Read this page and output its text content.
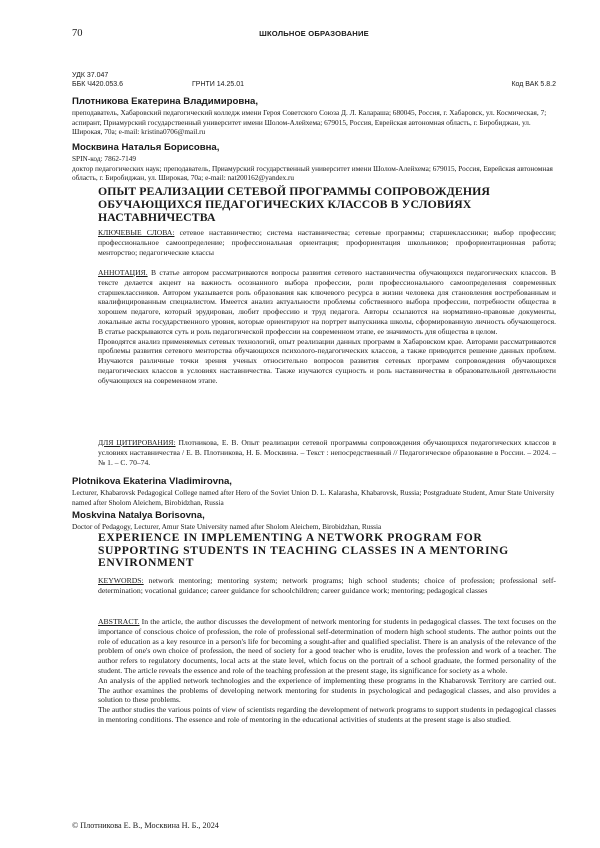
70	ШКОЛЬНОЕ ОБРАЗОВАНИЕ
УДК 37.047
ББК Ч420.053.6	ГРНТИ 14.25.01	Код ВАК 5.8.2
Плотникова Екатерина Владимировна,
преподаватель, Хабаровский педагогический колледж имени Героя Советского Союза Д. Л. Калараша; 680045, Россия, г. Хабаровск, ул. Космическая, 7; аспирант, Приамурский государственный университет имени Шолом-Алейхема; 679015, Россия, Еврейская автономная область, г. Биробиджан, ул. Широкая, 70а; e-mail: kristina0706@mail.ru
Москвина Наталья Борисовна,
SPIN-код: 7862-7149
доктор педагогических наук; преподаватель, Приамурский государственный университет имени Шолом-Алейхема; 679015, Россия, Еврейская автономная область, г. Биробиджан, ул. Широкая, 70а; e-mail: nat200162@yandex.ru
ОПЫТ РЕАЛИЗАЦИИ СЕТЕВОЙ ПРОГРАММЫ СОПРОВОЖДЕНИЯ ОБУЧАЮЩИХСЯ ПЕДАГОГИЧЕСКИХ КЛАССОВ В УСЛОВИЯХ НАСТАВНИЧЕСТВА

КЛЮЧЕВЫЕ СЛОВА: сетевое наставничество; система наставничества; сетевые программы; старшеклассники; выбор профессии; профессиональное самоопределение; профессиональная ориентация; профориентация школьников; профориентационная работа; менторство; педагогические классы

АННОТАЦИЯ. В статье автором рассматриваются вопросы развития сетевого наставничества обучающихся педагогических классов. В тексте делается акцент на важность осознанного выбора профессии, роли профессионального самоопределения современных старшеклассников. Автором указывается роль образования как ключевого ресурса в жизни человека для становления востребованным и квалифицированным специалистом. Имеется анализ актуальности проблемы собственного выбора профессии, потребности общества в хорошем педагоге, который эрудирован, любит профессию и труд педагога. Авторы ссылаются на нормативно-правовые документы, локальные акты государственного уровня, которые ориентируют на портрет выпускника школы, сформированную личность обучающегося. В статье раскрываются суть и роль педагогической профессии на современном этапе, ее значимость для общества в целом.

Проводятся анализ применяемых сетевых технологий, опыт реализации данных программ в Хабаровском крае. Авторами рассматриваются проблемы развития сетевого менторства обучающихся психолого-педагогических классов, а также приводится решение данных проблем. Изучаются различные точки зрения ученых относительно вопросов развития сетевых программ сопровождения обучающихся педагогических классов в условиях наставничества. Также изучаются сущность и роль наставничества в образовательной деятельности обучающихся на современном этапе.

ДЛЯ ЦИТИРОВАНИЯ: Плотникова, Е. В. Опыт реализации сетевой программы сопровождения обучающихся педагогических классов в условиях наставничества / Е. В. Плотникова, Н. Б. Москвина. – Текст : непосредственный // Педагогическое образование в России. – 2024. – № 1. – С. 70–74.

Plotnikova Ekaterina Vladimirovna,
Lecturer, Khabarovsk Pedagogical College named after Hero of the Soviet Union D. L. Kalarasha, Khabarovsk, Russia; Postgraduate Student, Amur State University named after Sholom Aleichem, Birobidzhan, Russia
Moskvina Natalya Borisovna,
Doctor of Pedagogy, Lecturer, Amur State University named after Sholom Aleichem, Birobidzhan, Russia
EXPERIENCE IN IMPLEMENTING A NETWORK PROGRAM FOR SUPPORTING STUDENTS IN TEACHING CLASSES IN A MENTORING ENVIRONMENT

KEYWORDS: network mentoring; mentoring system; network programs; high school students; choice of profession; professional self-determination; vocational guidance; career guidance for schoolchildren; career guidance work; mentoring; pedagogical classes

ABSTRACT. In the article, the author discusses the development of network mentoring for students in pedagogical classes. The text focuses on the importance of conscious choice of profession, the role of professional self-determination of modern high school students. The author points out the role of education as a key resource in a person's life for becoming a sought-after and qualified specialist. There is an analysis of the relevance of the problem of one's own choice of profession, the need of society for a good teacher who is erudite, loves the profession and work of a teacher. The author refers to regulatory documents, local acts at the state level, which focus on the portrait of a school graduate, the formed personality of the student. The article reveals the essence and role of the teaching profession at the present stage, its significance for society as a whole.

An analysis of the applied network technologies and the experience of implementing these programs in the Khabarovsk Territory are carried out. The author examines the problems of developing network mentoring for students in psychological and pedagogical classes, and also provides a solution to these problems.

The author studies the various points of view of scientists regarding the development of network programs to support students in pedagogical classes in mentoring conditions. The essence and role of mentoring in the educational activities of students at the present stage is also studied.

© Плотникова Е. В., Москвина Н. Б., 2024
